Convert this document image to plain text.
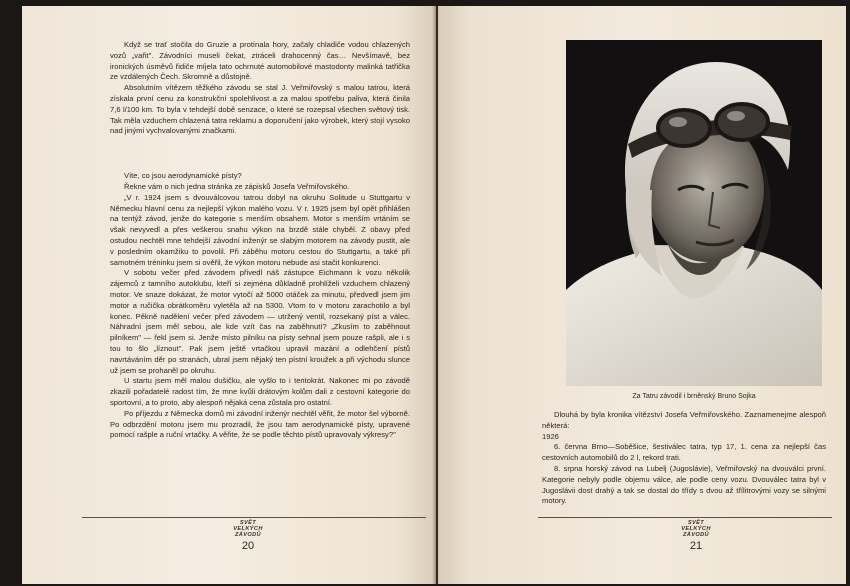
Když se trať stočila do Gruzie a protínala hory, začaly chladiče vodou chlazených vozů „vařit". Závodníci museli čekat, ztráceli drahocenný čas… Nevšímavě, bez ironických úsměvů řidiče míjela tato ochrnuté automobilové mastodonty malinká tatřička ze vzdálených Čech. Skromně a důstojně.

Absolutním vítězem těžkého závodu se stal J. Veřmiřovský s malou tatrou, která získala první cenu za konstrukční spolehlivost a za malou spotřebu paliva, která činila 7,6 l/100 km. To byla v tehdejší době senzace, o které se rozepsal všechen světový tisk. Tak měla vzduchem chlazená tatra reklamu a doporučení jako výrobek, který stojí vysoko nad jinými vychvalovanými značkami.

Víte, co jsou aerodynamické písty?

Řekne vám o nich jedna stránka ze zápisků Josefa Veřmiřovského.

„V r. 1924 jsem s dvouválcovou tatrou dobyl na okruhu Solitude u Stuttgartu v Německu hlavní cenu za nejlepší výkon malého vozu. V r. 1925 jsem byl opět přihlášen na tentýž závod, jenže do kategorie s menším obsahem. Motor s menším vrtáním se však nevyvedl a přes veškerou snahu výkon na brzdě stále chyběl. Z obavy před ostudou nechtěl mne tehdejší závodní inženýr se slabým motorem na závody pustit, ale v posledním okamžiku to povolil. Při záběhu motoru cestou do Stuttgartu, a také při samotném tréninku jsem si ověřil, že výkon motoru nebude asi stačit konkurenci.

V sobotu večer před závodem přivedl náš zástupce Eichmann k vozu několik zájemců z tamního autoklubu, kteří si zejména důkladně prohlíželi vzduchem chlazený motor. Ve snaze dokázat, že motor vytočí až 5000 otáček za minutu, předvedl jsem jim motor a ručička obrátkoměru vyletěla až na 5300. Vtom to v motoru zarachotilo a byl konec. Pěkně nadělení večer před závodem — utržený ventil, rozsekaný píst a válec. Náhradní jsem měl sebou, ale kde vzít čas na zaběhnutí? „Zkusím to zaběhnout pilníkem" — řekl jsem si. Jenže místo pilníku na písty sehnal jsem pouze rašpli, ale i s tou to šlo „líznout". Pak jsem ještě vrtačkou upravil mazání a odlehčení pístů navrtáváním děr po stranách, ubral jsem nějaký ten pístní kroužek a při východu slunce už jsem se prohaněl po okruhu.

U startu jsem měl malou dušičku, ale vyšlo to i tentokrát. Nakonec mi po závodě zkazili pořadatelé radost tím, že mne kvůli drátovým kolům dali z cestovní kategorie do sportovní, a to proto, aby alespoň nějaká cena zůstala pro ostatní.

Po příjezdu z Německa domů mi závodní inženýr nechtěl věřit, že motor šel výborně. Po odbrzdění motoru jsem mu prozradil, že jsou tam aerodynamické písty, upravené pomocí rašple a ruční vrtačky. A věřite, že se podle těchto pístů upravovaly výkresy?"

SVĚT
VELKÝCH
ZÁVODŮ
20
Za Tatru závodil i brněnský Bruno Sojka

Dlouhá by byla kronika vítězství Josefa Veřmiřovského. Zaznamenejme alespoň některá:

1926

6. června Brno—Soběšice, šestiválec tatra, typ 17, 1. cena za nejlepší čas cestovních automobilů do 2 l, rekord trati.

8. srpna horský závod na Lubelj (Jugoslávie), Veřmiřovský na dvouválci první. Kategorie nebyly podle objemu válce, ale podle ceny vozu. Dvouválec tatra byl v Jugoslávii dost drahý a tak se dostal do třídy s dvou až třílitrovými vozy se silnými motory.

SVĚT
VELKÝCH
ZÁVODŮ
21
